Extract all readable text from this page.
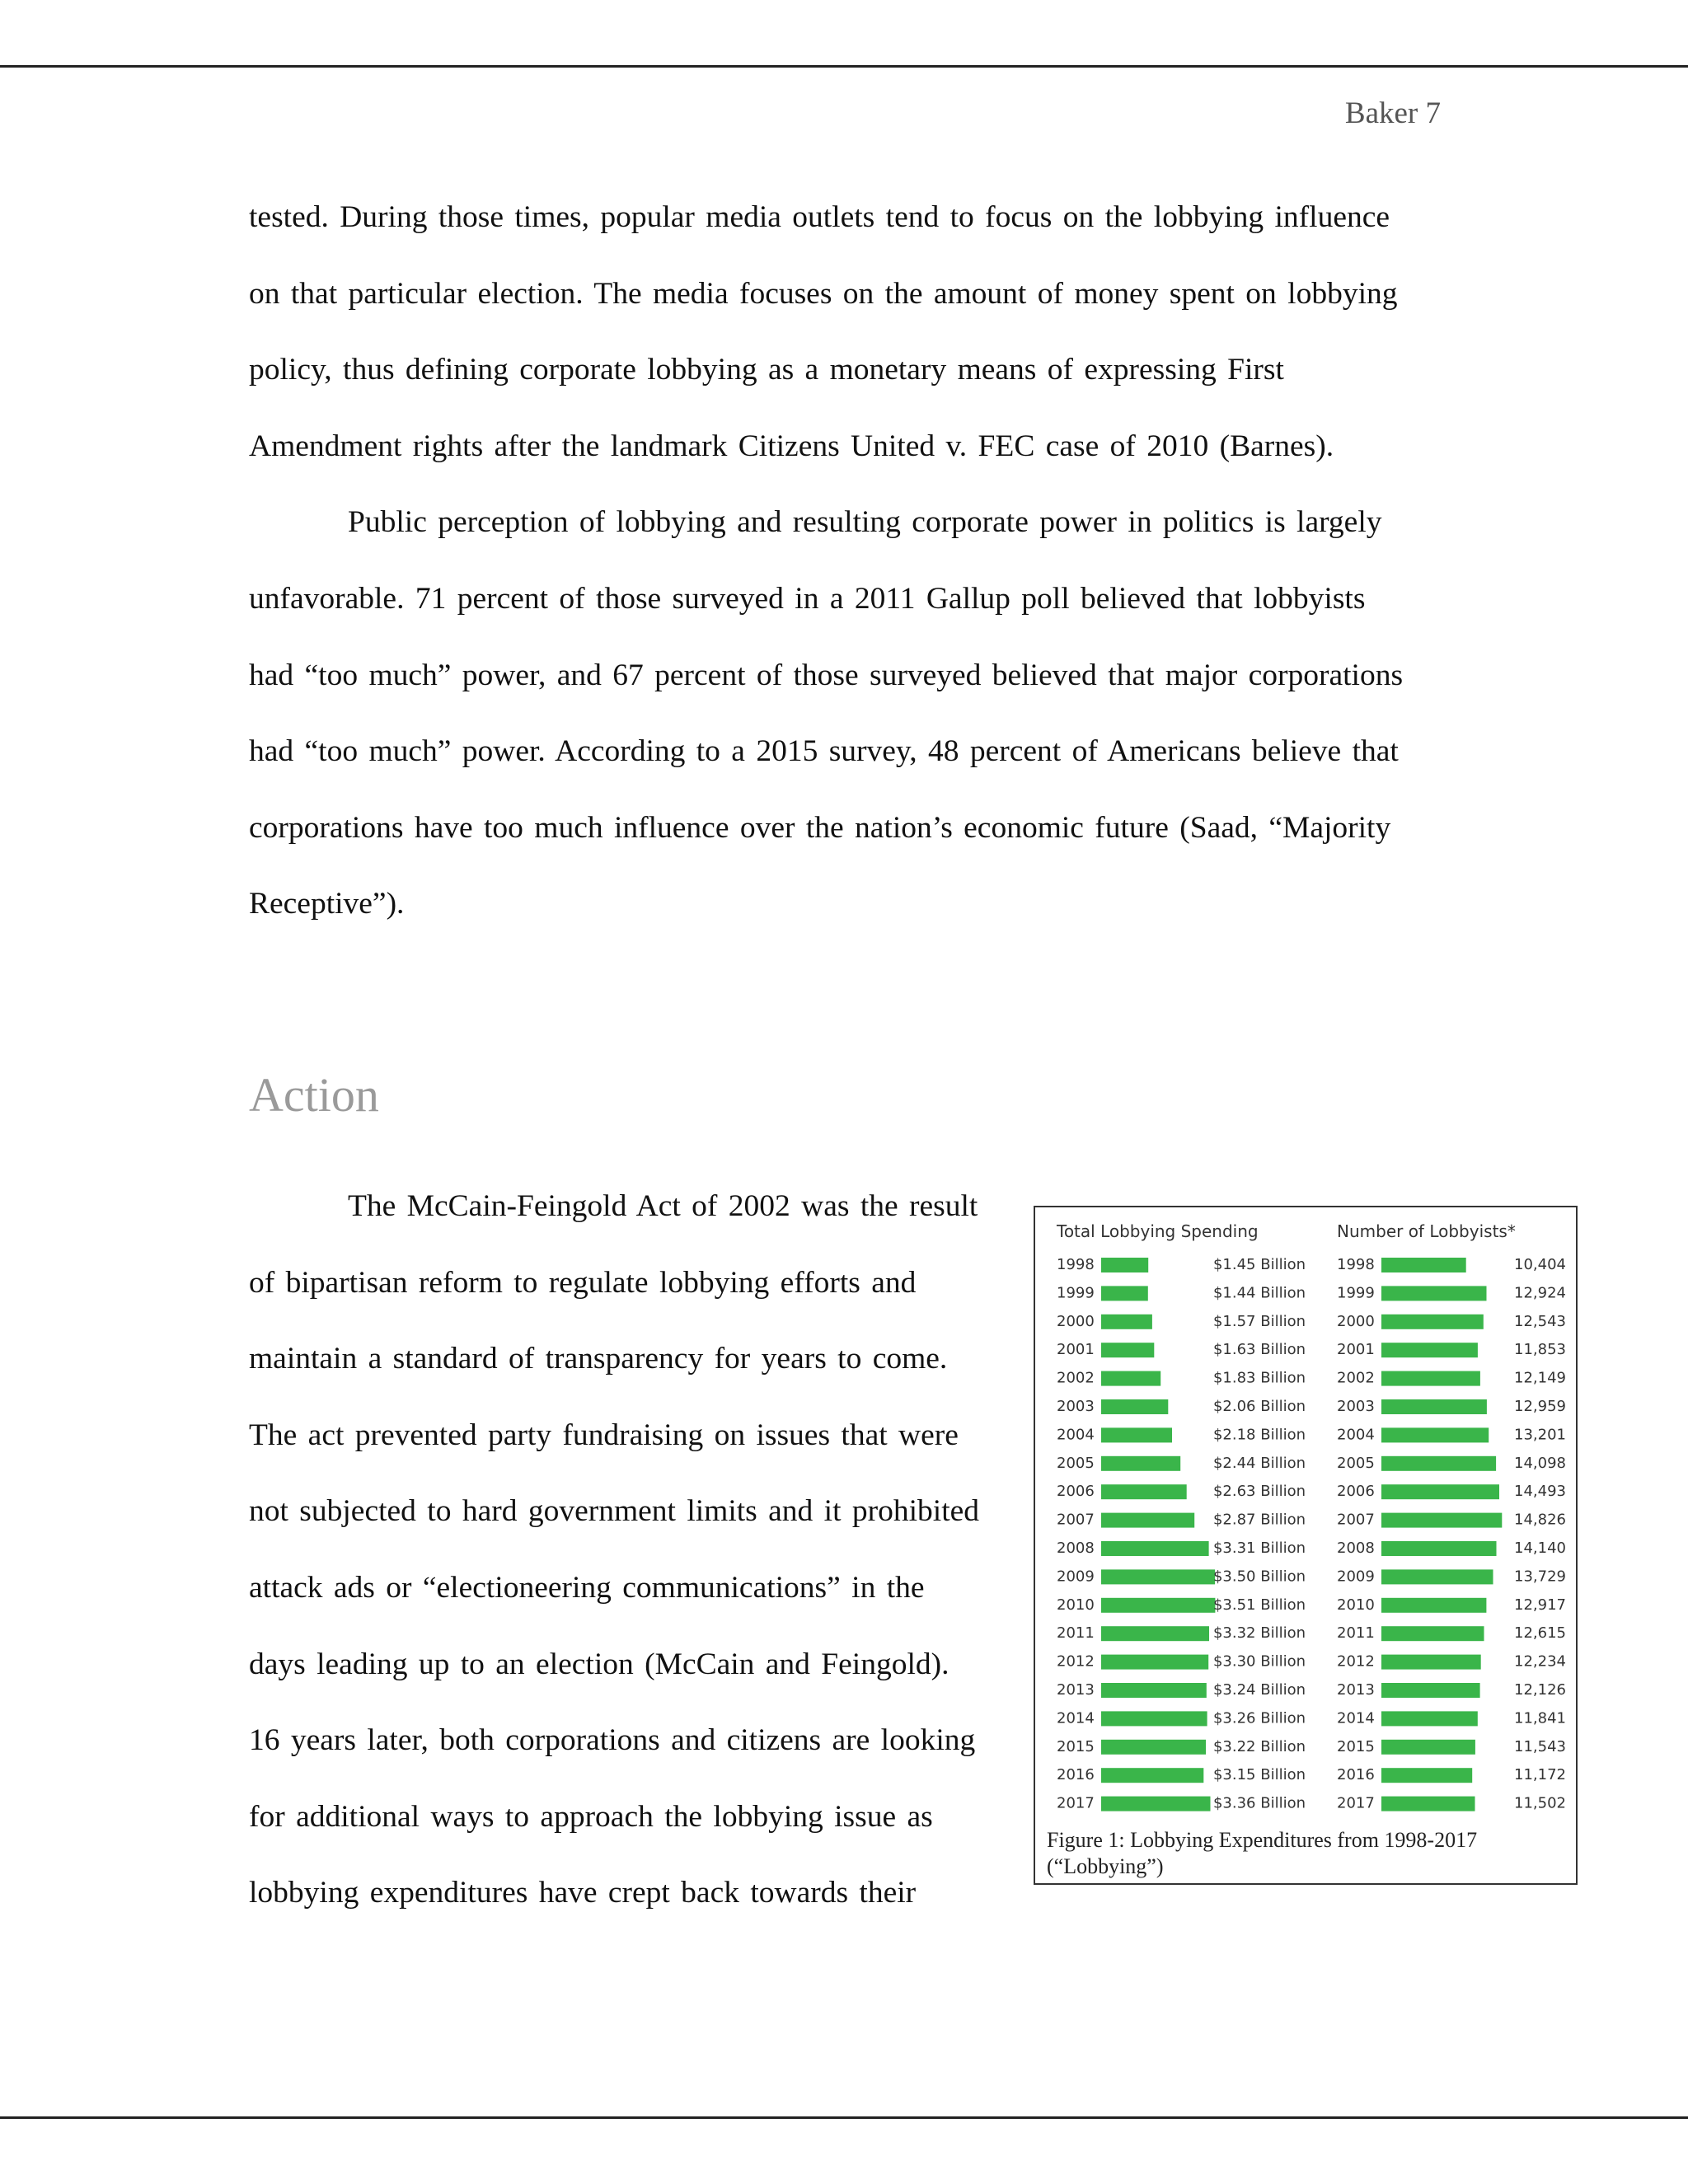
Baker 7
tested. During those times, popular media outlets tend to focus on the lobbying influence
on that particular election. The media focuses on the amount of money spent on lobbying
policy, thus defining corporate lobbying as a monetary means of expressing First
Amendment rights after the landmark Citizens United v. FEC case of 2010 (Barnes).
Public perception of lobbying and resulting corporate power in politics is largely
unfavorable. 71 percent of those surveyed in a 2011 Gallup poll believed that lobbyists
had “too much” power, and 67 percent of those surveyed believed that major corporations
had “too much” power. According to a 2015 survey, 48 percent of Americans believe that
corporations have too much influence over the nation’s economic future (Saad, “Majority
Receptive”).
Action
The McCain-Feingold Act of 2002 was the result
of bipartisan reform to regulate lobbying efforts and
maintain a standard of transparency for years to come.
The act prevented party fundraising on issues that were
not subjected to hard government limits and it prohibited
attack ads or “electioneering communications” in the
days leading up to an election (McCain and Feingold).
16 years later, both corporations and citizens are looking
for additional ways to approach the lobbying issue as
lobbying expenditures have crept back towards their
Total Lobbying Spending
1998	$1.45 Billion
1999	$1.44 Billion
2000	$1.57 Billion
2001	$1.63 Billion
2002	$1.83 Billion
2003	$2.06 Billion
2004	$2.18 Billion
2005	$2.44 Billion
2006	$2.63 Billion
2007	$2.87 Billion
2008	$3.31 Billion
2009	$3.50 Billion
2010	$3.51 Billion
2011	$3.32 Billion
2012	$3.30 Billion
2013	$3.24 Billion
2014	$3.26 Billion
2015	$3.22 Billion
2016	$3.15 Billion
2017	$3.36 Billion
Number of Lobbyists*
1998	10,404
1999	12,924
2000	12,543
2001	11,853
2002	12,149
2003	12,959
2004	13,201
2005	14,098
2006	14,493
2007	14,826
2008	14,140
2009	13,729
2010	12,917
2011	12,615
2012	12,234
2013	12,126
2014	11,841
2015	11,543
2016	11,172
2017	11,502
Figure 1: Lobbying Expenditures from 1998-2017
(“Lobbying”)
